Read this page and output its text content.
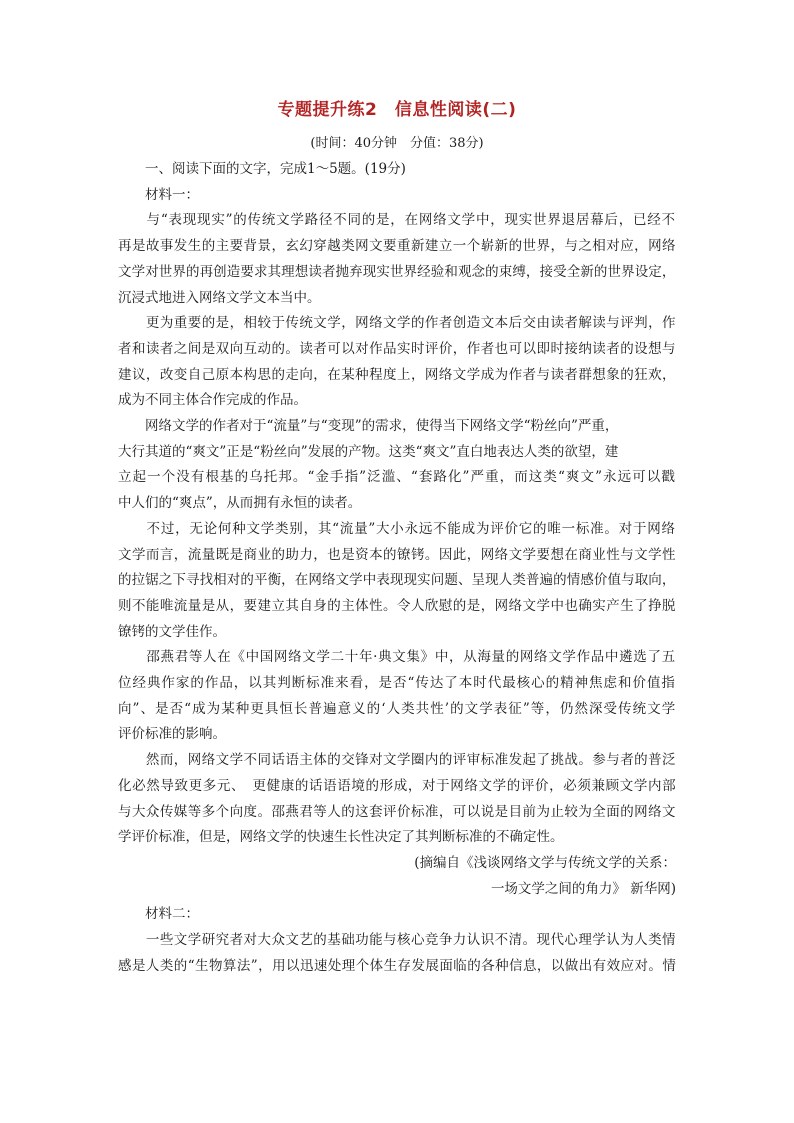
专题提升练2　信息性阅读(二)
(时间：40分钟　分值：38分)
　　一、阅读下面的文字，完成1～5题。(19分)
　　材料一：
　　与“表现现实”的传统文学路径不同的是，在网络文学中，现实世界退居幕后，已经不
再是故事发生的主要背景，玄幻穿越类网文要重新建立一个崭新的世界，与之相对应，网络
文学对世界的再创造要求其理想读者抛弃现实世界经验和观念的束缚，接受全新的世界设定，
沉浸式地进入网络文学文本当中。
　　更为重要的是，相较于传统文学，网络文学的作者创造文本后交由读者解读与评判，作
者和读者之间是双向互动的。读者可以对作品实时评价，作者也可以即时接纳读者的设想与
建议，改变自己原本构思的走向，在某种程度上，网络文学成为作者与读者群想象的狂欢，
成为不同主体合作完成的作品。
　　网络文学的作者对于“流量”与“变现”的需求，使得当下网络文学“粉丝向”严重，
大行其道的“爽文”正是“粉丝向”发展的产物。这类“爽文”直白地表达人类的欲望，建
立起一个没有根基的乌托邦。“金手指”泛滥、“套路化”严重，而这类“爽文”永远可以戳
中人们的“爽点”，从而拥有永恒的读者。
　　不过，无论何种文学类别，其“流量”大小永远不能成为评价它的唯一标准。对于网络
文学而言，流量既是商业的助力，也是资本的镣铐。因此，网络文学要想在商业性与文学性
的拉锯之下寻找相对的平衡，在网络文学中表现现实问题、呈现人类普遍的情感价值与取向，
则不能唯流量是从，要建立其自身的主体性。令人欣慰的是，网络文学中也确实产生了挣脱
镣铐的文学佳作。
　　邵燕君等人在《中国网络文学二十年·典文集》中，从海量的网络文学作品中遴选了五
位经典作家的作品，以其判断标准来看，是否“传达了本时代最核心的精神焦虑和价值指
向”、是否“成为某种更具恒长普遍意义的‘人类共性’的文学表征”等，仍然深受传统文学
评价标准的影响。
　　然而，网络文学不同话语主体的交锋对文学圈内的评审标准发起了挑战。参与者的普泛
化必然导致更多元、　更健康的话语语境的形成，对于网络文学的评价，必须兼顾文学内部
与大众传媒等多个向度。邵燕君等人的这套评价标准，可以说是目前为止较为全面的网络文
学评价标准，但是，网络文学的快速生长性决定了其判断标准的不确定性。
(摘编自《浅谈网络文学与传统文学的关系：
一场文学之间的角力》 新华网)
　　材料二：
　　一些文学研究者对大众文艺的基础功能与核心竞争力认识不清。现代心理学认为人类情
感是人类的“生物算法”，用以迅速处理个体生存发展面临的各种信息，以做出有效应对。情
